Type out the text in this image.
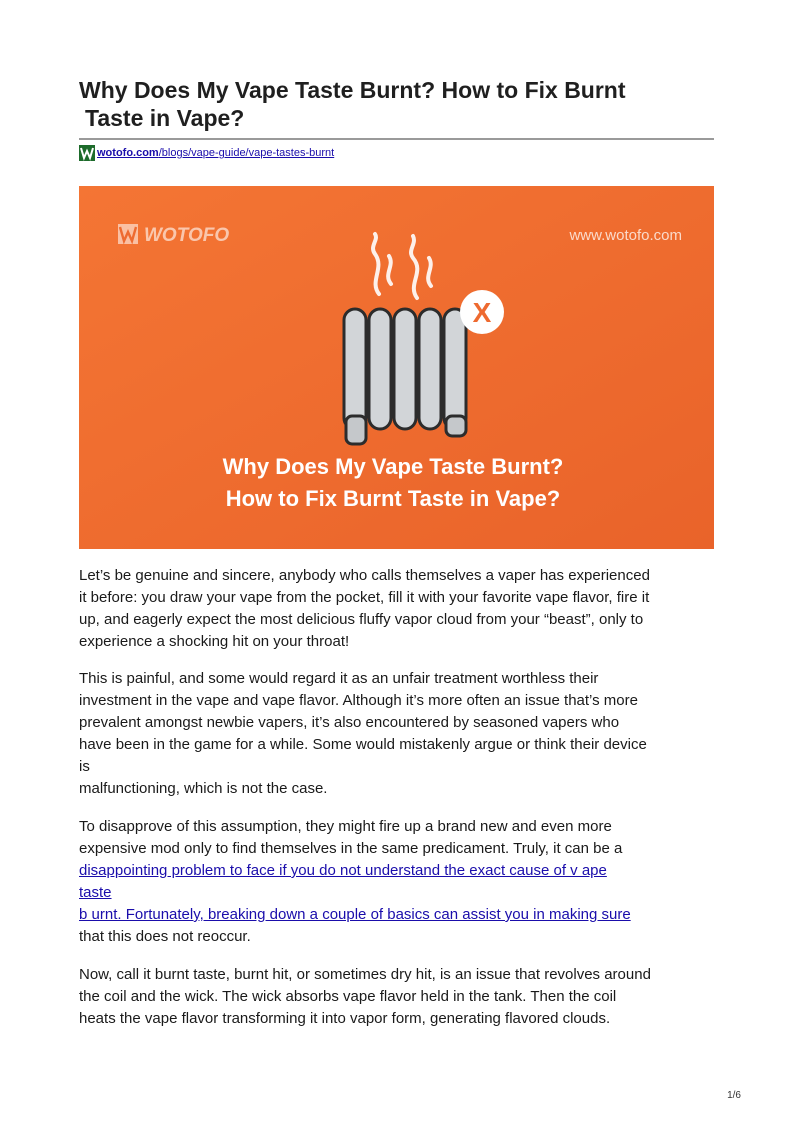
Why Does My Vape Taste Burnt? How to Fix Burnt
Taste in Vape?
wotofo.com/blogs/vape-guide/vape-tastes-burnt
WOTOFO	www.wotofo.com
X
Why Does My Vape Taste Burnt?
How to Fix Burnt Taste in Vape?

Let’s be genuine and sincere, anybody who calls themselves a vaper has experienced
it before: you draw your vape from the pocket, fill it with your favorite vape flavor, fire it
up, and eagerly expect the most delicious fluffy vapor cloud from your “beast”, only to
experience a shocking hit on your throat!

This is painful, and some would regard it as an unfair treatment worthless their
investment in the vape and vape flavor. Although it’s more often an issue that’s more
prevalent amongst newbie vapers, it’s also encountered by seasoned vapers who
have been in the game for a while. Some would mistakenly argue or think their device
is
malfunctioning, which is not the case.

To disapprove of this assumption, they might fire up a brand new and even more
expensive mod only to find themselves in the same predicament. Truly, it can be a
disappointing problem to face if you do not understand the exact cause of v ape
taste
b urnt. Fortunately, breaking down a couple of basics can assist you in making sure
that this does not reoccur.

Now, call it burnt taste, burnt hit, or sometimes dry hit, is an issue that revolves around
the coil and the wick. The wick absorbs vape flavor held in the tank. Then the coil
heats the vape flavor transforming it into vapor form, generating flavored clouds.

1/6
